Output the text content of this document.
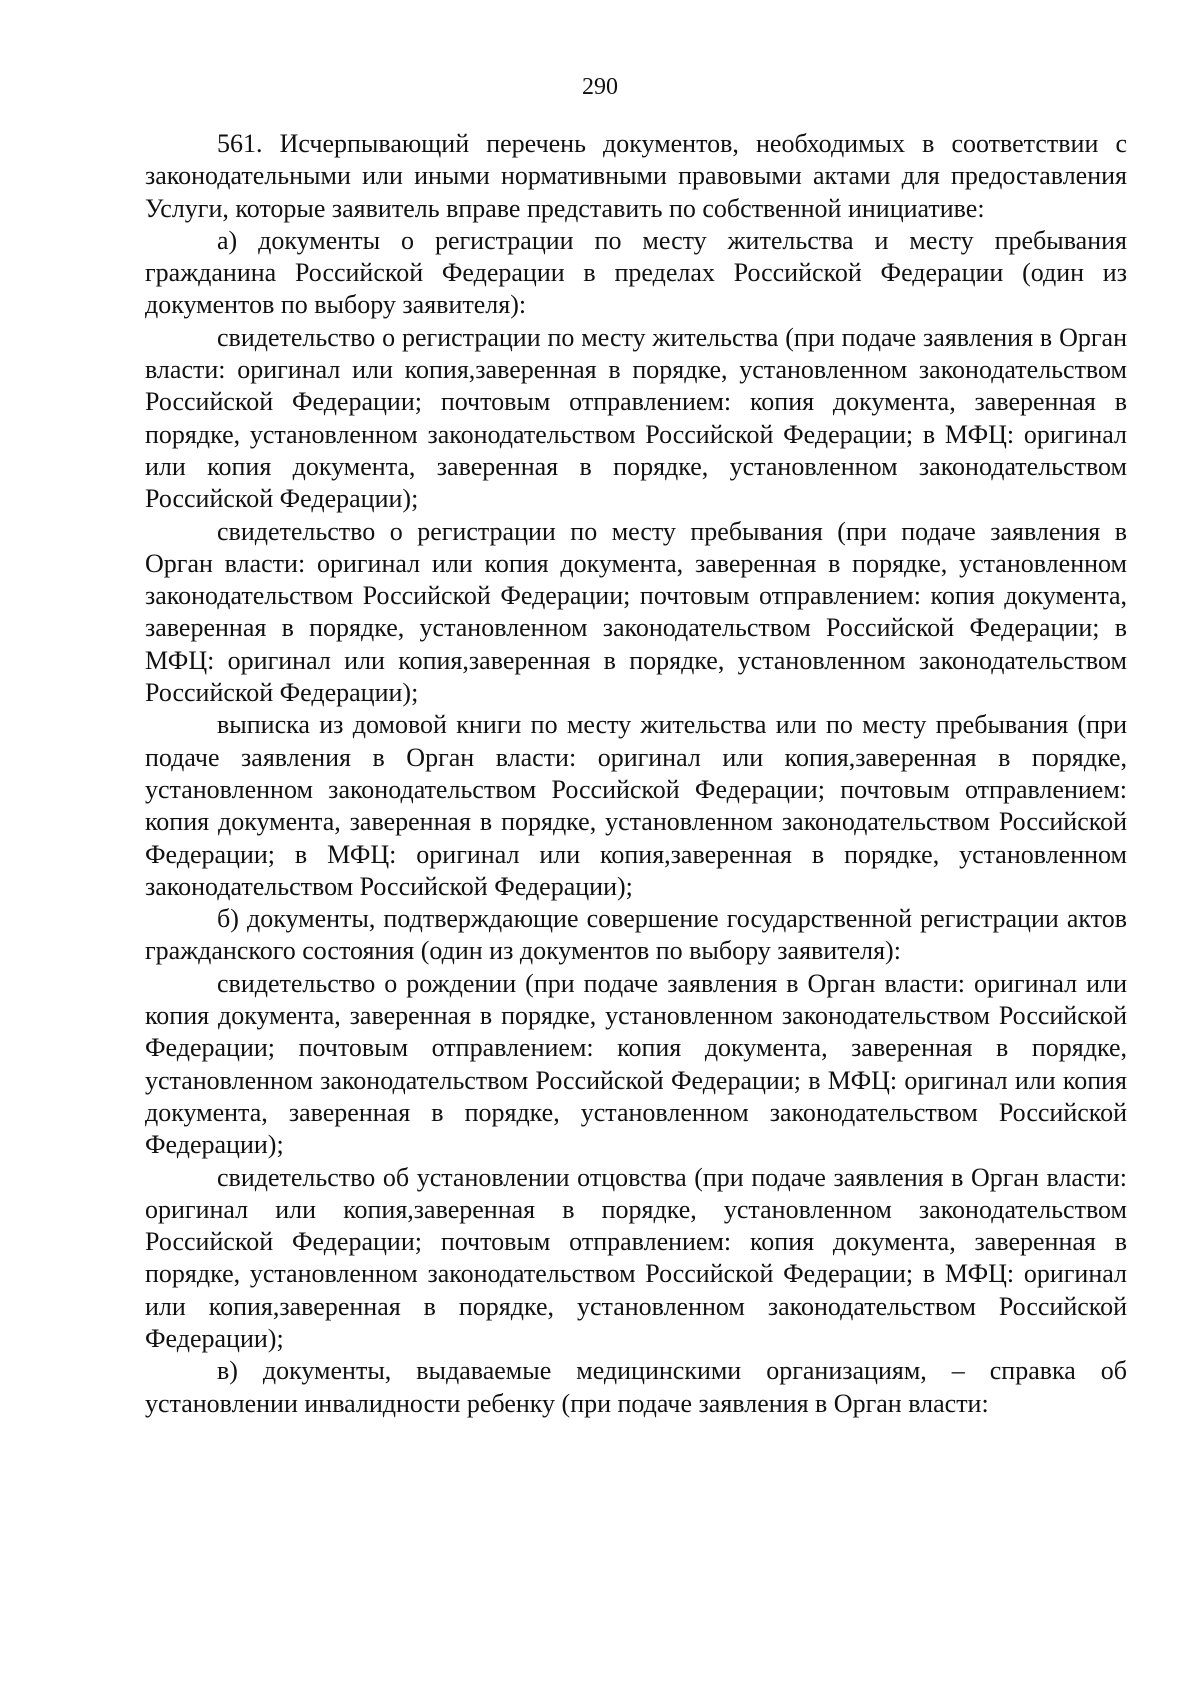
290

561. Исчерпывающий перечень документов, необходимых в соответствии с законодательными или иными нормативными правовыми актами для предоставления Услуги, которые заявитель вправе представить по собственной инициативе:

а) документы о регистрации по месту жительства и месту пребывания гражданина Российской Федерации в пределах Российской Федерации (один из документов по выбору заявителя):

свидетельство о регистрации по месту жительства (при подаче заявления в Орган власти: оригинал или копия,заверенная в порядке, установленном законодательством Российской Федерации; почтовым отправлением: копия документа, заверенная в порядке, установленном законодательством Российской Федерации; в МФЦ: оригинал или копия документа, заверенная в порядке, установленном законодательством Российской Федерации);

свидетельство о регистрации по месту пребывания (при подаче заявления в Орган власти: оригинал или копия документа, заверенная в порядке, установленном законодательством Российской Федерации; почтовым отправлением: копия документа, заверенная в порядке, установленном законодательством Российской Федерации; в МФЦ: оригинал или копия,заверенная в порядке, установленном законодательством Российской Федерации);

выписка из домовой книги по месту жительства или по месту пребывания (при подаче заявления в Орган власти: оригинал или копия,заверенная в порядке, установленном законодательством Российской Федерации; почтовым отправлением: копия документа, заверенная в порядке, установленном законодательством Российской Федерации; в МФЦ: оригинал или копия,заверенная в порядке, установленном законодательством Российской Федерации);

б) документы, подтверждающие совершение государственной регистрации актов гражданского состояния (один из документов по выбору заявителя):

свидетельство о рождении (при подаче заявления в Орган власти: оригинал или копия документа, заверенная в порядке, установленном законодательством Российской Федерации; почтовым отправлением: копия документа, заверенная в порядке, установленном законодательством Российской Федерации; в МФЦ: оригинал или копия документа, заверенная в порядке, установленном законодательством Российской Федерации);

свидетельство об установлении отцовства (при подаче заявления в Орган власти: оригинал или копия,заверенная в порядке, установленном законодательством Российской Федерации; почтовым отправлением: копия документа, заверенная в порядке, установленном законодательством Российской Федерации; в МФЦ: оригинал или копия,заверенная в порядке, установленном законодательством Российской Федерации);

в) документы, выдаваемые медицинскими организациям, – справка об установлении инвалидности ребенку (при подаче заявления в Орган власти:
